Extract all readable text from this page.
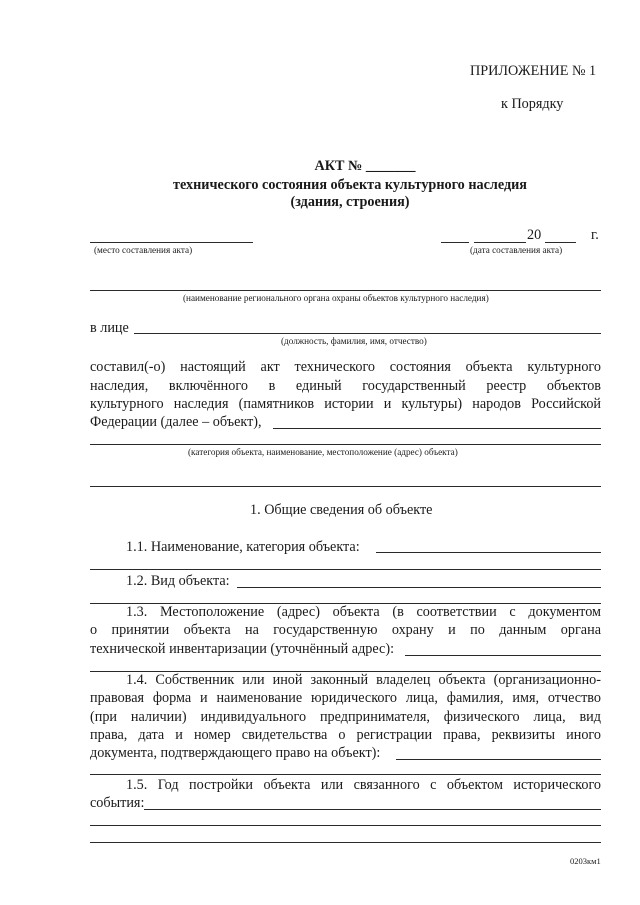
ПРИЛОЖЕНИЕ № 1
к Порядку
АКТ № _______
технического состояния объекта культурного наследия
(здания, строения)
(место составления акта)
20	г.
(дата составления акта)
(наименование регионального органа охраны объектов культурного наследия)
в лице
(должность, фамилия, имя, отчество)
составил(-о) настоящий акт технического состояния объекта культурного
наследия, включённого в единый государственный реестр объектов
культурного наследия (памятников истории и культуры) народов Российской
Федерации (далее – объект),
(категория объекта, наименование, местоположение (адрес) объекта)
1. Общие сведения об объекте
1.1. Наименование, категория объекта:
1.2. Вид объекта:
1.3. Местоположение (адрес) объекта (в соответствии с документом
о принятии объекта на государственную охрану и по данным органа
технической инвентаризации (уточнённый адрес):
1.4. Собственник или иной законный владелец объекта (организационно-
правовая форма и наименование юридического лица, фамилия, имя, отчество
(при наличии) индивидуального предпринимателя, физического лица, вид
права, дата и номер свидетельства о регистрации права, реквизиты иного
документа, подтверждающего право на объект):
1.5. Год постройки объекта или связанного с объектом исторического
события:
0203км1
